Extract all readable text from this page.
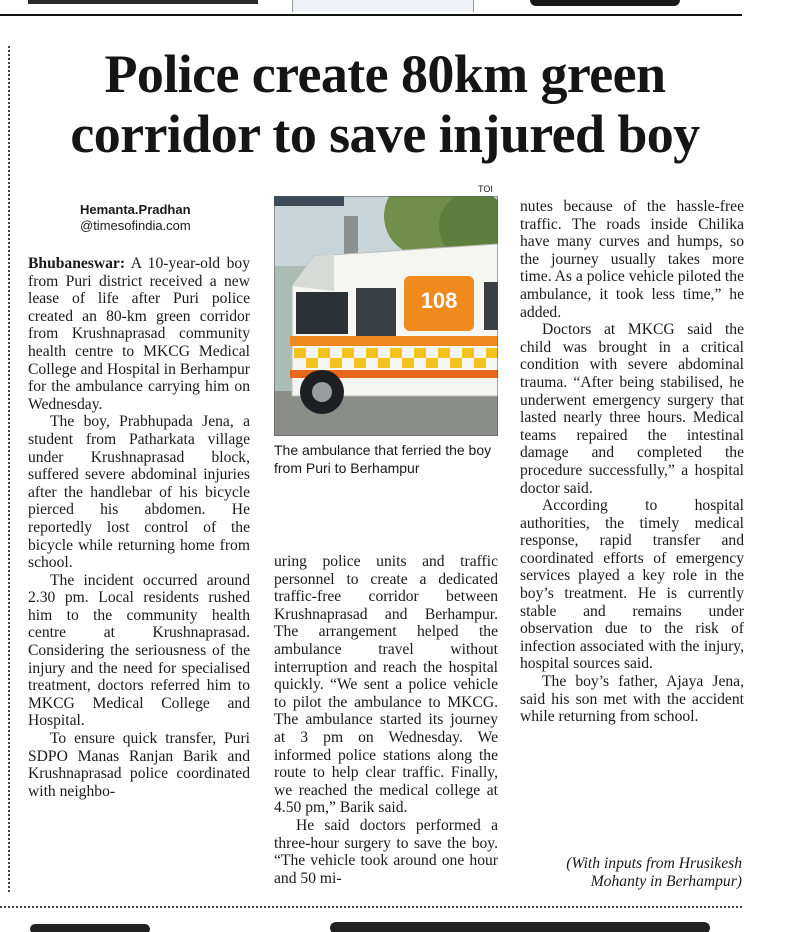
Police create 80km green corridor to save injured boy
Hemanta.Pradhan
@timesofindia.com

Bhubaneswar: A 10-year-old boy from Puri district received a new lease of life after Puri police created an 80-km green corridor from Krushnaprasad community health centre to MKCG Medical College and Hospital in Berhampur for the ambulance carrying him on Wednesday.

The boy, Prabhupada Jena, a student from Patharkata village under Krushnaprasad block, suffered severe abdominal injuries after the handlebar of his bicycle pierced his abdomen. He reportedly lost control of the bicycle while returning home from school.

The incident occurred around 2.30 pm. Local residents rushed him to the community health centre at Krushnaprasad. Considering the seriousness of the injury and the need for specialised treatment, doctors referred him to MKCG Medical College and Hospital.

To ensure quick transfer, Puri SDPO Manas Ranjan Barik and Krushnaprasad police coordinated with neighbo-

TOI
108
The ambulance that ferried the boy from Puri to Berhampur

uring police units and traffic personnel to create a dedicated traffic-free corridor between Krushnaprasad and Berhampur. The arrangement helped the ambulance travel without interruption and reach the hospital quickly. “We sent a police vehicle to pilot the ambulance to MKCG. The ambulance started its journey at 3 pm on Wednesday. We informed police stations along the route to help clear traffic. Finally, we reached the medical college at 4.50 pm,” Barik said.

He said doctors performed a three-hour surgery to save the boy. “The vehicle took around one hour and 50 mi-

nutes because of the hassle-free traffic. The roads inside Chilika have many curves and humps, so the journey usually takes more time. As a police vehicle piloted the ambulance, it took less time,” he added.

Doctors at MKCG said the child was brought in a critical condition with severe abdominal trauma. “After being stabilised, he underwent emergency surgery that lasted nearly three hours. Medical teams repaired the intestinal damage and completed the procedure successfully,” a hospital doctor said.

According to hospital authorities, the timely medical response, rapid transfer and coordinated efforts of emergency services played a key role in the boy’s treatment. He is currently stable and remains under observation due to the risk of infection associated with the injury, hospital sources said.

The boy’s father, Ajaya Jena, said his son met with the accident while returning from school.

(With inputs from Hrusikesh Mohanty in Berhampur)
